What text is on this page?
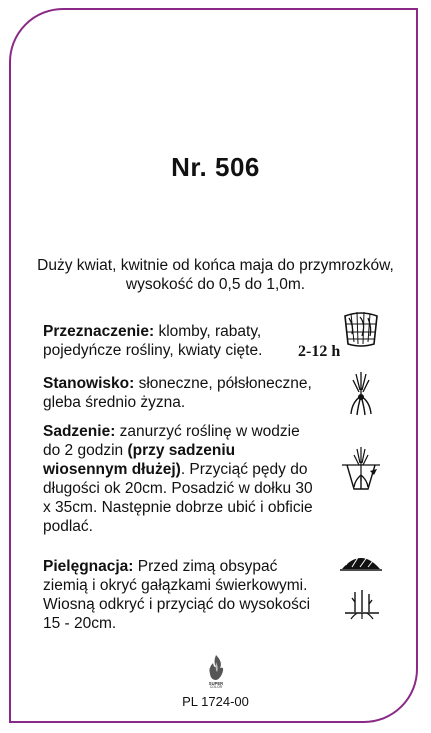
Nr. 506
Duży kwiat, kwitnie od końca maja do przymrozków, wysokość do 0,5 do 1,0m.
Przeznaczenie: klomby, rabaty, pojedyńcze rośliny, kwiaty cięte.	2-12 h
Stanowisko: słoneczne, półsłoneczne, gleba średnio żyzna.
Sadzenie: zanurzyć roślinę w wodzie do 2 godzin (przy sadzeniu wiosennym dłużej). Przyciąć pędy do długości ok 20cm. Posadzić w dołku 30 x 35cm. Następnie dobrze ubić i obficie podlać.
Pielęgnacja: Przed zimą obsypać ziemią i okryć gałązkami świerkowymi. Wiosną odkryć i przyciąć do wysokości 15 - 20cm.
SUPER
COLOR
PL 1724-00
